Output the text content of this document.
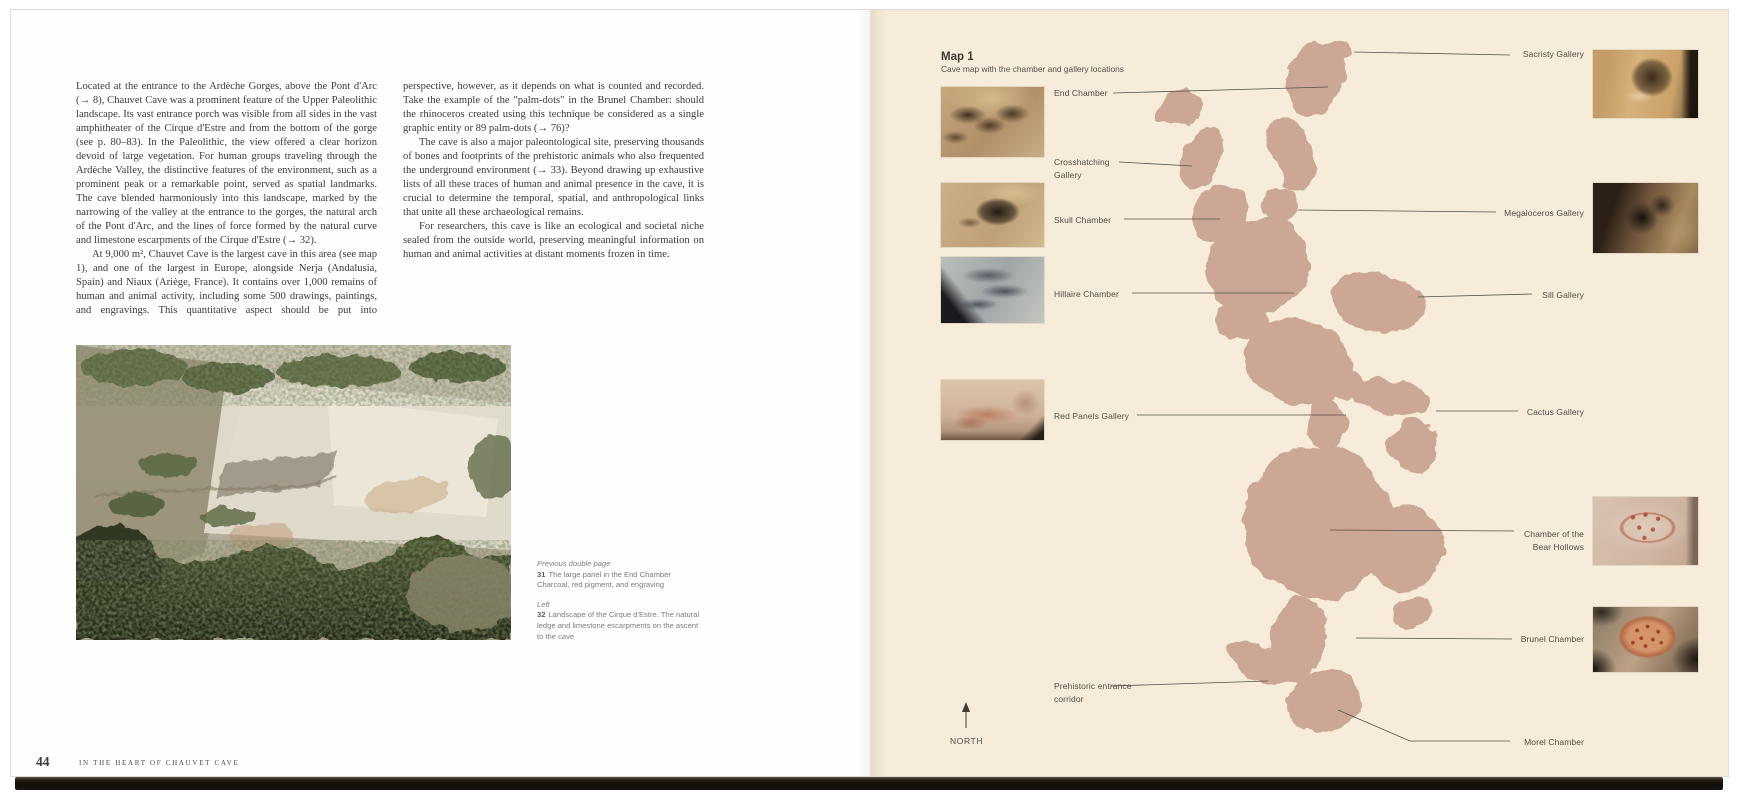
Located at the entrance to the Ardèche Gorges, above the Pont d'Arc (→ 8), Chauvet Cave was a prominent feature of the Upper Paleolithic landscape. Its vast entrance porch was visible from all sides in the vast amphitheater of the Cirque d'Estre and from the bottom of the gorge (see p. 80–83). In the Paleolithic, the view offered a clear horizon devoid of large vegetation. For human groups traveling through the Ardèche Valley, the distinctive features of the environment, such as a prominent peak or a remarkable point, served as spatial landmarks. The cave blended harmoniously into this landscape, marked by the narrowing of the valley at the entrance to the gorges, the natural arch of the Pont d'Arc, and the lines of force formed by the natural curve and limestone escarpments of the Cirque d'Estre (→ 32).

At 9,000 m², Chauvet Cave is the largest cave in this area (see map 1), and one of the largest in Europe, alongside Nerja (Andalusia, Spain) and Niaux (Ariège, France). It contains over 1,000 remains of human and animal activity, including some 500 drawings, paintings, and engravings. This quantitative aspect should be put into perspective, however, as it depends on what is counted and recorded. Take the example of the "palm-dots" in the Brunel Chamber: should the rhinoceros created using this technique be considered as a single graphic entity or 89 palm-dots (→ 76)?

The cave is also a major paleontological site, preserving thousands of bones and footprints of the prehistoric animals who also frequented the underground environment (→ 33). Beyond drawing up exhaustive lists of all these traces of human and animal presence in the cave, it is crucial to determine the temporal, spatial, and anthropological links that unite all these archaeological remains.

For researchers, this cave is like an ecological and societal niche sealed from the outside world, preserving meaningful information on human and animal activities at distant moments frozen in time.

Previous double page
31 The large panel in the End Chamber
Charcoal, red pigment, and engraving
Left
32 Landscape of the Cirque d'Estre. The natural ledge and limestone escarpments on the ascent to the cave
44	IN THE HEART OF CHAUVET CAVE
Map 1
Cave map with the chamber and gallery locations
End Chamber
Crosshatching Gallery
Skull Chamber
Hillaire Chamber
Red Panels Gallery
Prehistoric entrance corridor
Sacristy Gallery
Megaloceros Gallery
Sill Gallery
Cactus Gallery
Chamber of the Bear Hollows
Brunel Chamber
Morel Chamber
NORTH
